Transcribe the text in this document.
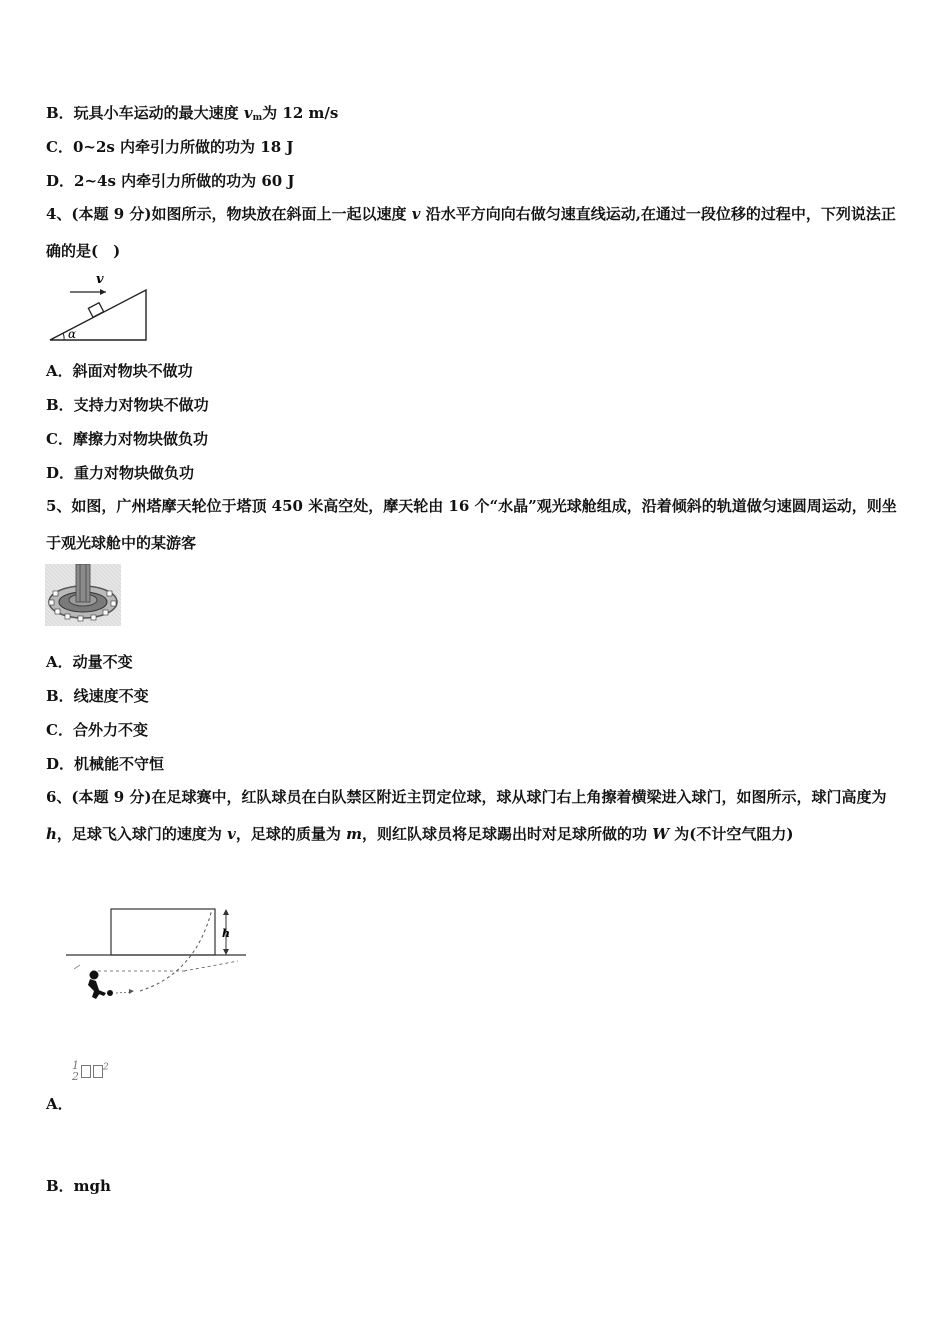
B．玩具小车运动的最大速度 $v_m$为 12 m/s
C．0~2s 内牵引力所做的功为 18 J
D．2~4s 内牵引力所做的功为 60 J
4、(本题 9 分)如图所示，物块放在斜面上一起以速度 v 沿水平方向向右做匀速直线运动,在通过一段位移的过程中，下列说法正确的是(　)
v
α
A．斜面对物块不做功
B．支持力对物块不做功
C．摩擦力对物块做负功
D．重力对物块做负功
5、如图，广州塔摩天轮位于塔顶 450 米高空处，摩天轮由 16 个“水晶”观光球舱组成，沿着倾斜的轨道做匀速圆周运动，则坐于观光球舱中的某游客
A．动量不变
B．线速度不变
C．合外力不变
D．机械能不守恒
6、(本题 9 分)在足球赛中，红队球员在白队禁区附近主罚定位球，球从球门右上角擦着横梁进入球门，如图所示，球门高度为 h，足球飞入球门的速度为 v，足球的质量为 m，则红队球员将足球踢出时对足球所做的功 W 为(不计空气阻力)
h
1
$2^2$
A．
B．mgh
